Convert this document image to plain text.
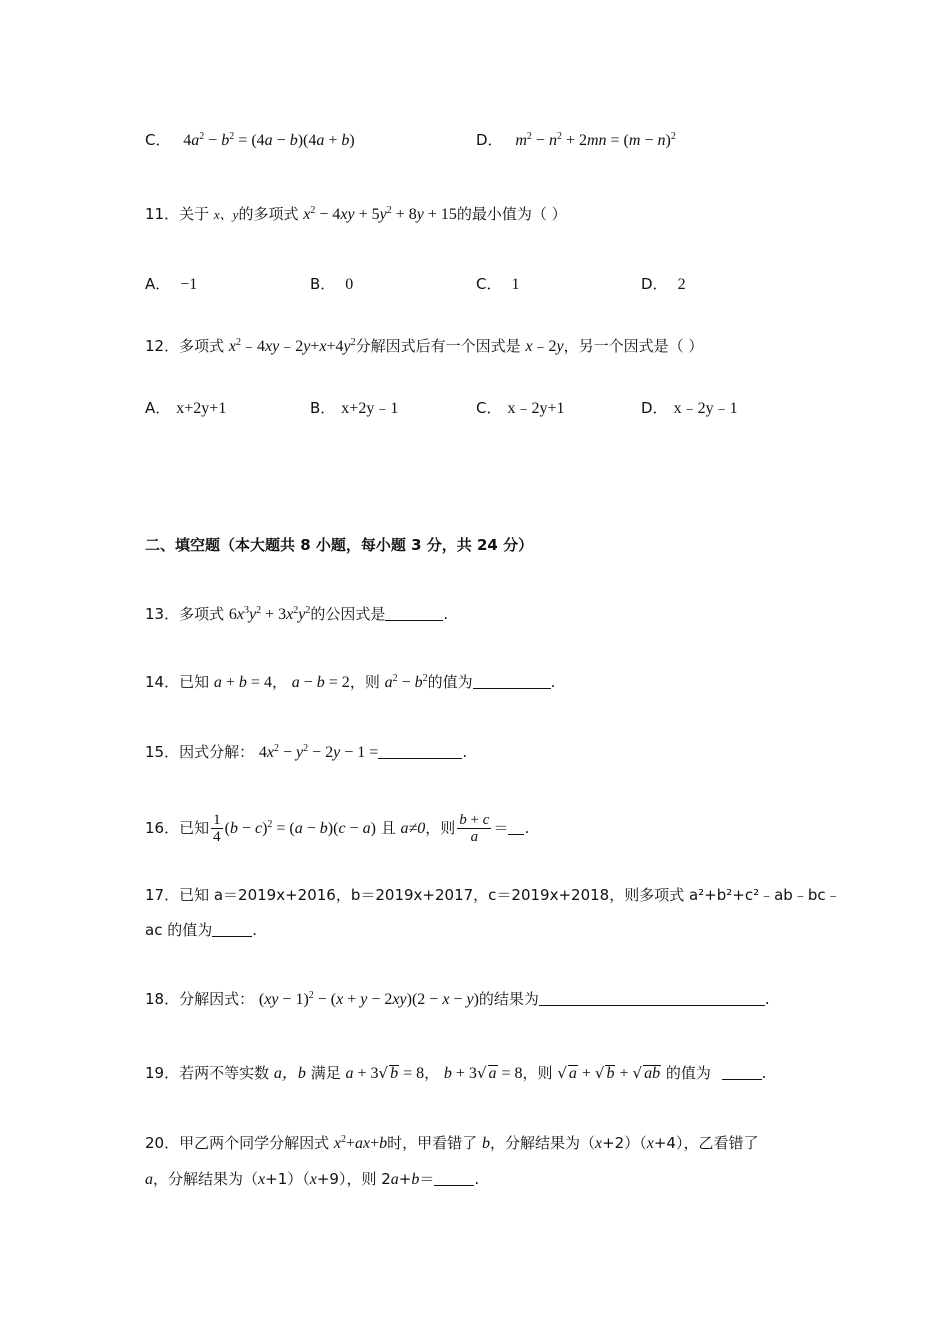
C． $4a^2 - b^2 = (4a - b)(4a + b)$	D． $m^2 - n^2 + 2mn = (m - n)^2$
11．关于 x、y的多项式 $x^2 - 4xy + 5y^2 + 8y + 15$的最小值为（ ）
A． −1	B． 0	C． 1	D． 2
12．多项式 $x^2﹣4xy﹣2y+x+4y^2$分解因式后有一个因式是 x﹣2y，另一个因式是（ ）
A． x+2y+1	B． x+2y﹣1	C． x﹣2y+1	D． x﹣2y﹣1
二、填空题（本大题共 8 小题，每小题 3 分，共 24 分）
13．多项式 $6x^3y^2 + 3x^2y^2$的公因式是	.
14．已知 a + b = 4， a − b = 2，则 $a^2 - b^2$的值为	.
15．因式分解： $4x^2 - y^2 - 2y - 1$ =	.
16．已知 $\frac{1}{4} (b - c)^2 = (a - b)(c - a)$ 且 a≠0，则 $\frac{b + c}{a}$ ＝ .
17．已知 a＝2019x+2016，b＝2019x+2017，c＝2019x+2018，则多项式 a²+b²+c²﹣ab﹣bc﹣
ac 的值为	.
18．分解因式： (xy − 1)$^2$ − (x + y − 2xy)(2 − x − y)的结果为	.
19．若两不等实数 a，b 满足 a + 3√ b = 8， b + 3√ a = 8，则 √ a + √ b + √ ab 的值为	.
20．甲乙两个同学分解因式 $x^2+ax+b$时，甲看错了 b，分解结果为（x+2）（x+4），乙看错了
a，分解结果为（x+1）（x+9），则 2a+b＝	.
